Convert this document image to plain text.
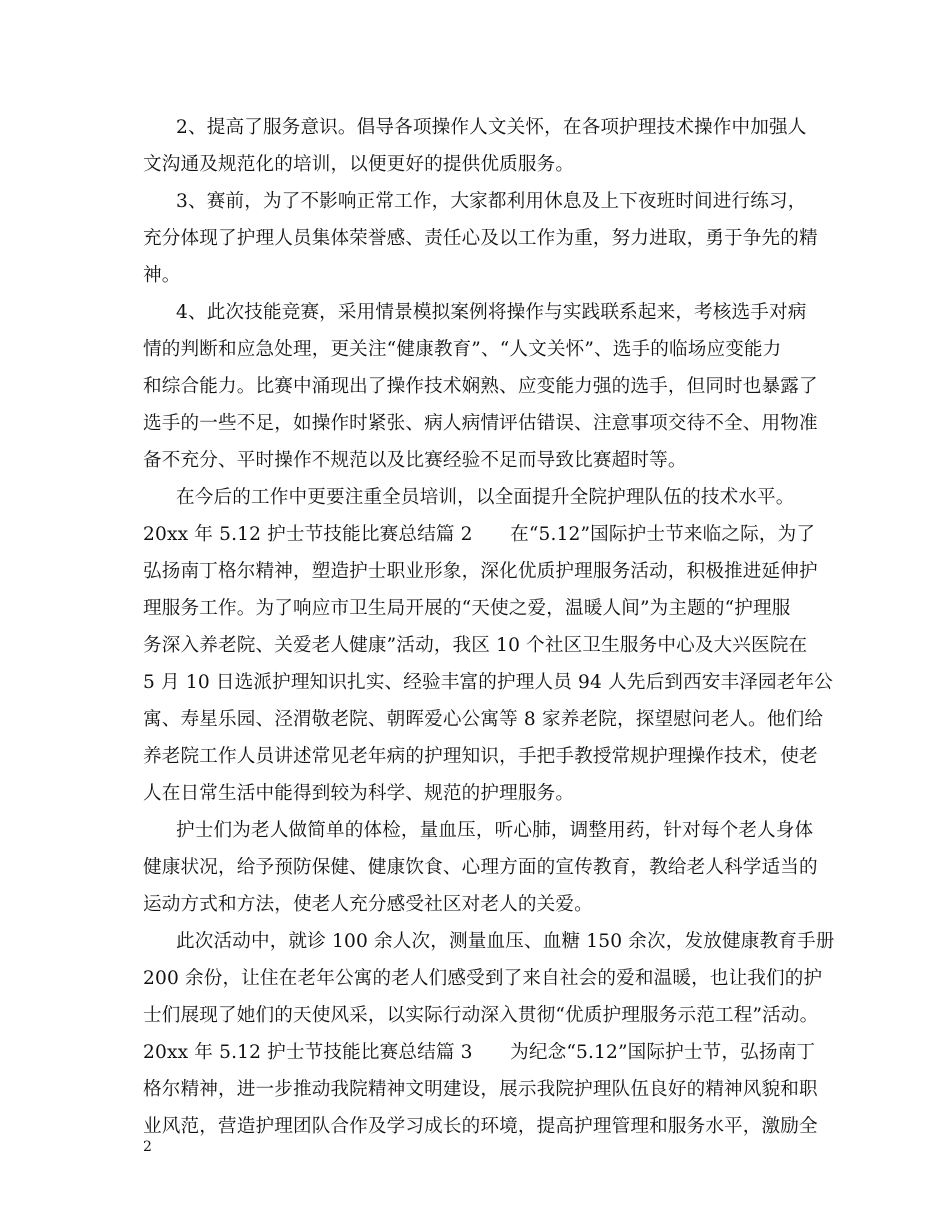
2、提高了服务意识。倡导各项操作人文关怀，在各项护理技术操作中加强人
文沟通及规范化的培训，以便更好的提供优质服务。
3、赛前，为了不影响正常工作，大家都利用休息及上下夜班时间进行练习，
充分体现了护理人员集体荣誉感、责任心及以工作为重，努力进取，勇于争先的精
神。
4、此次技能竞赛，采用情景模拟案例将操作与实践联系起来，考核选手对病
情的判断和应急处理，更关注“健康教育”、“人文关怀”、选手的临场应变能力
和综合能力。比赛中涌现出了操作技术娴熟、应变能力强的选手，但同时也暴露了
选手的一些不足，如操作时紧张、病人病情评估错误、注意事项交待不全、用物准
备不充分、平时操作不规范以及比赛经验不足而导致比赛超时等。
在今后的工作中更要注重全员培训，以全面提升全院护理队伍的技术水平。
20xx 年 5.12 护士节技能比赛总结篇 2　　在“5.12”国际护士节来临之际，为了
弘扬南丁格尔精神，塑造护士职业形象，深化优质护理服务活动，积极推进延伸护
理服务工作。为了响应市卫生局开展的“天使之爱，温暖人间”为主题的“护理服
务深入养老院、关爱老人健康”活动，我区 10 个社区卫生服务中心及大兴医院在
5 月 10 日选派护理知识扎实、经验丰富的护理人员 94 人先后到西安丰泽园老年公
寓、寿星乐园、泾渭敬老院、朝晖爱心公寓等 8 家养老院，探望慰问老人。他们给
养老院工作人员讲述常见老年病的护理知识，手把手教授常规护理操作技术，使老
人在日常生活中能得到较为科学、规范的护理服务。
护士们为老人做简单的体检，量血压，听心肺，调整用药，针对每个老人身体
健康状况，给予预防保健、健康饮食、心理方面的宣传教育，教给老人科学适当的
运动方式和方法，使老人充分感受社区对老人的关爱。
此次活动中，就诊 100 余人次，测量血压、血糖 150 余次，发放健康教育手册
200 余份，让住在老年公寓的老人们感受到了来自社会的爱和温暖，也让我们的护
士们展现了她们的天使风采，以实际行动深入贯彻“优质护理服务示范工程”活动。
20xx 年 5.12 护士节技能比赛总结篇 3　　为纪念“5.12”国际护士节，弘扬南丁
格尔精神，进一步推动我院精神文明建设，展示我院护理队伍良好的精神风貌和职
业风范，营造护理团队合作及学习成长的环境，提高护理管理和服务水平，激励全
2
